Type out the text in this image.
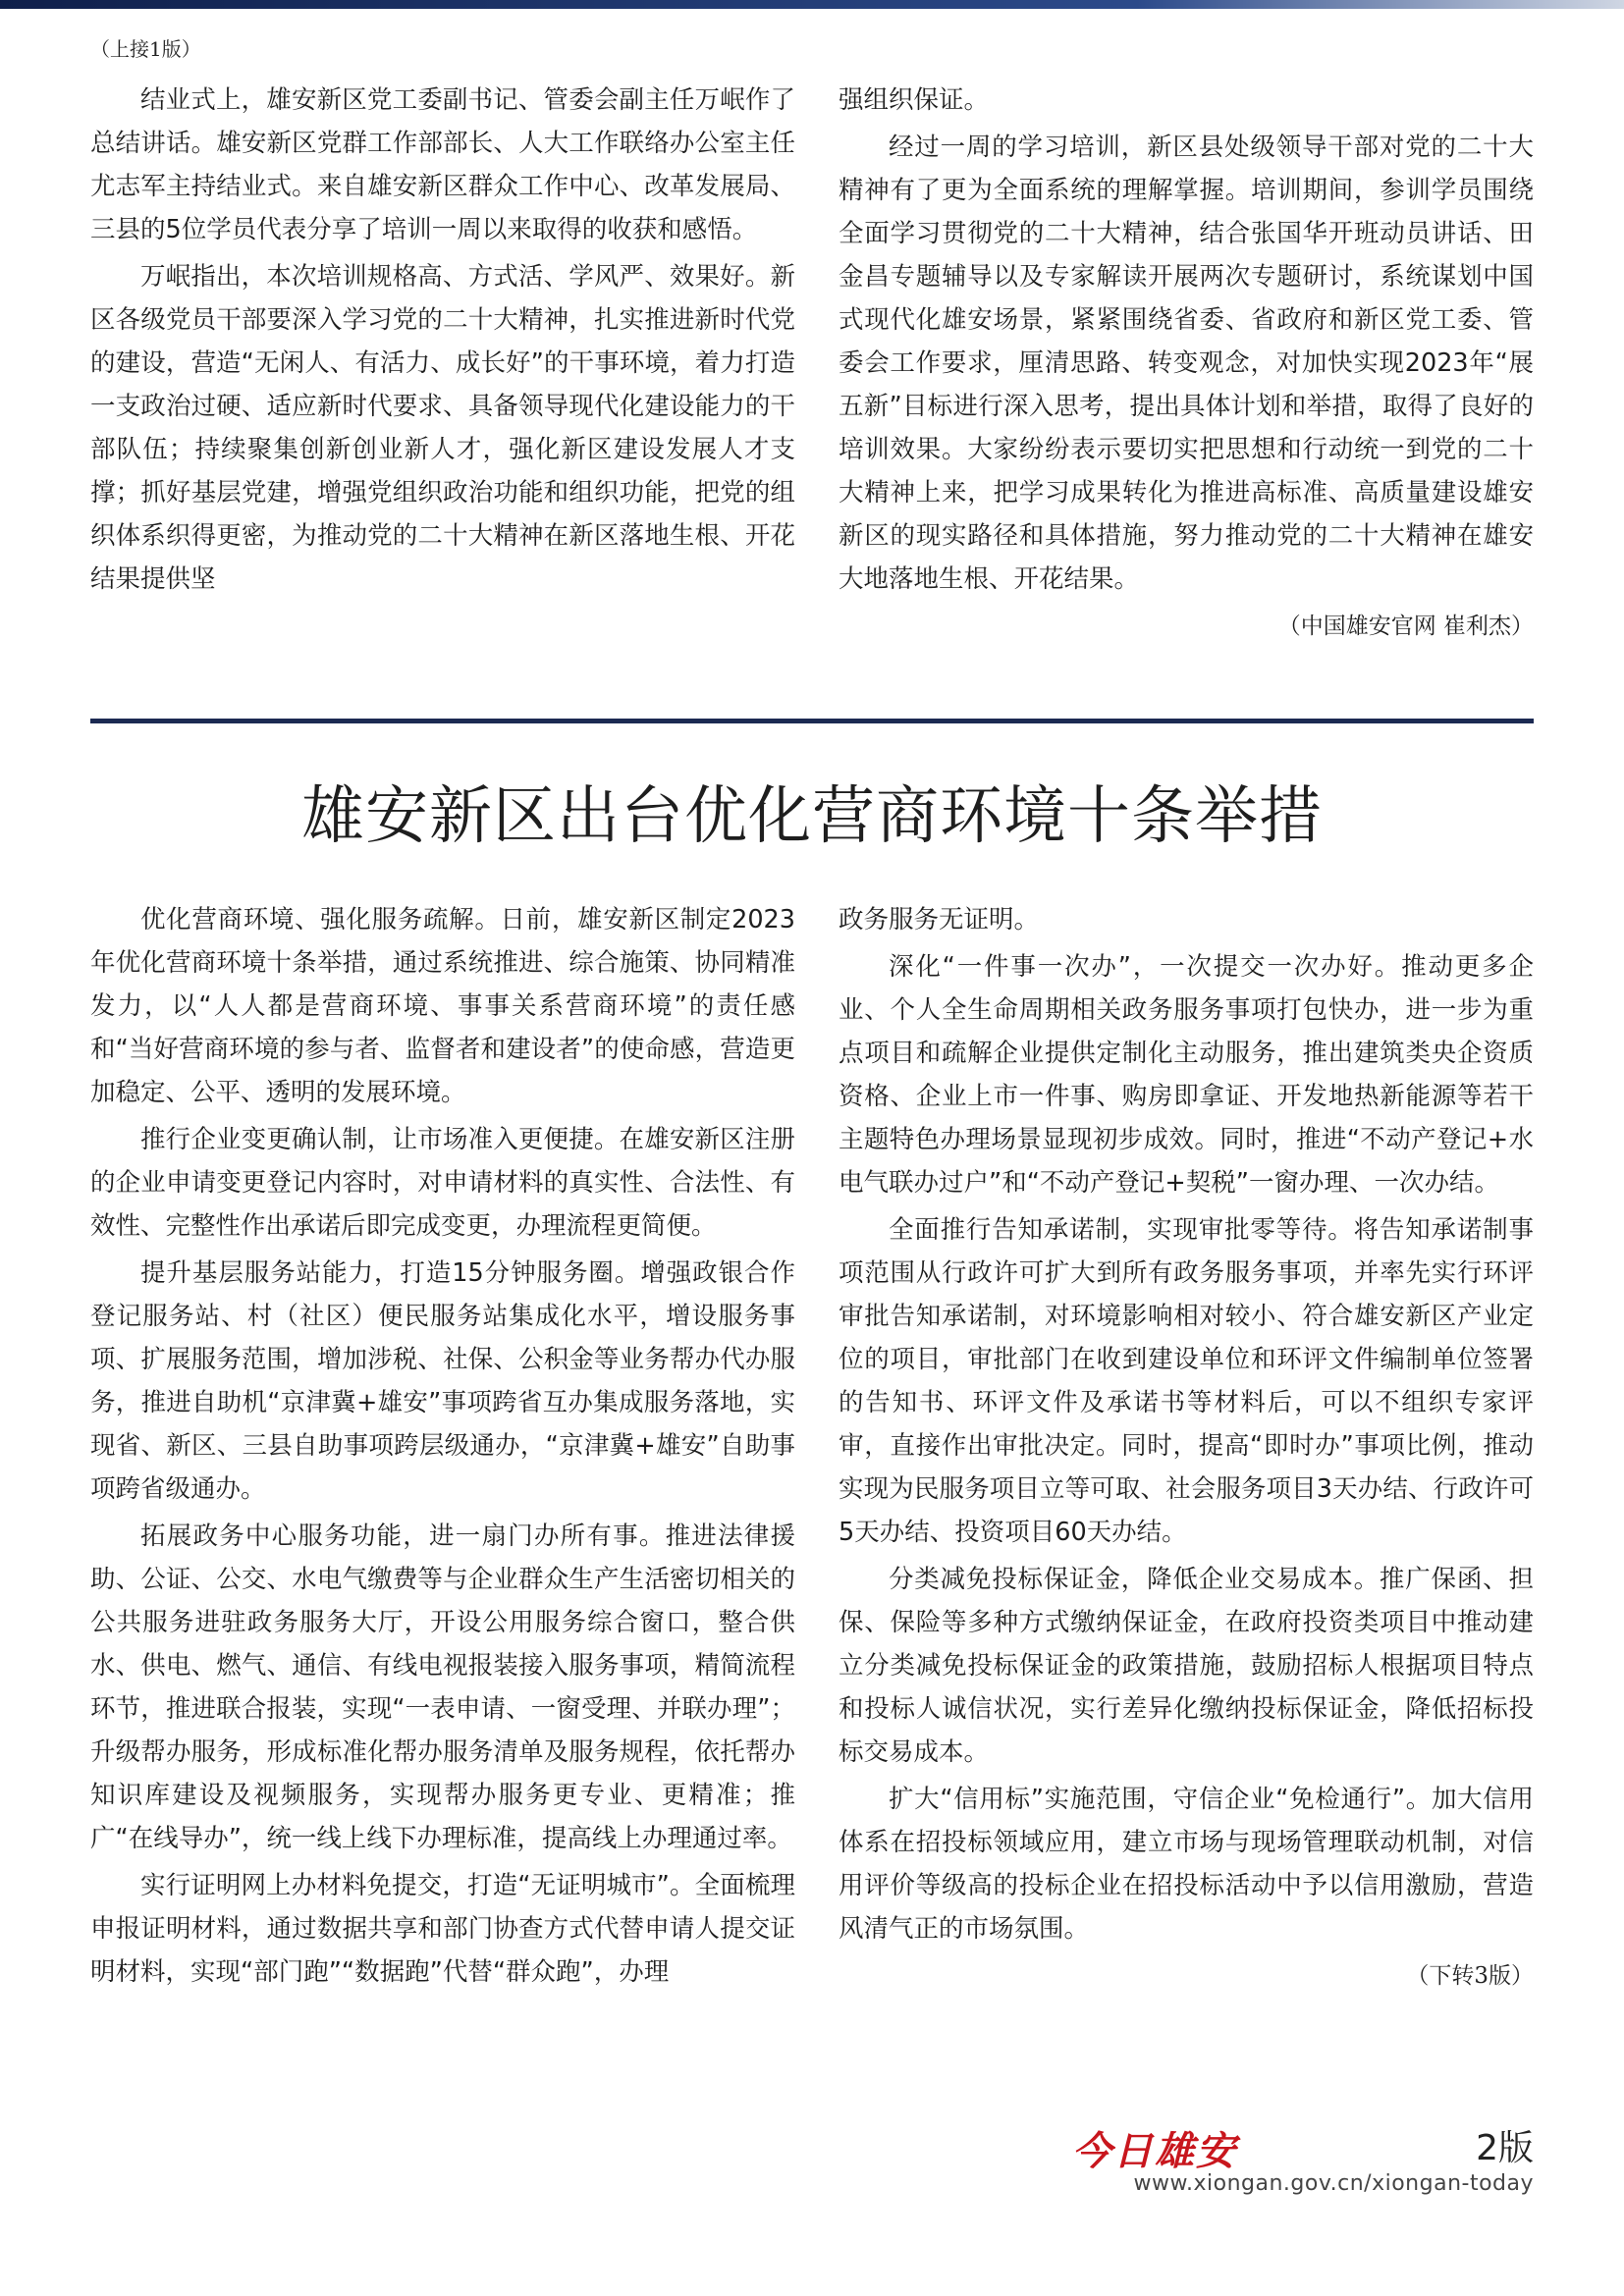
（上接1版）

结业式上，雄安新区党工委副书记、管委会副主任万岷作了总结讲话。雄安新区党群工作部部长、人大工作联络办公室主任尤志军主持结业式。来自雄安新区群众工作中心、改革发展局、三县的5位学员代表分享了培训一周以来取得的收获和感悟。

万岷指出，本次培训规格高、方式活、学风严、效果好。新区各级党员干部要深入学习党的二十大精神，扎实推进新时代党的建设，营造“无闲人、有活力、成长好”的干事环境，着力打造一支政治过硬、适应新时代要求、具备领导现代化建设能力的干部队伍；持续聚集创新创业新人才，强化新区建设发展人才支撑；抓好基层党建，增强党组织政治功能和组织功能，把党的组织体系织得更密，为推动党的二十大精神在新区落地生根、开花结果提供坚

强组织保证。

经过一周的学习培训，新区县处级领导干部对党的二十大精神有了更为全面系统的理解掌握。培训期间，参训学员围绕全面学习贯彻党的二十大精神，结合张国华开班动员讲话、田金昌专题辅导以及专家解读开展两次专题研讨，系统谋划中国式现代化雄安场景，紧紧围绕省委、省政府和新区党工委、管委会工作要求，厘清思路、转变观念，对加快实现2023年“展五新”目标进行深入思考，提出具体计划和举措，取得了良好的培训效果。大家纷纷表示要切实把思想和行动统一到党的二十大精神上来，把学习成果转化为推进高标准、高质量建设雄安新区的现实路径和具体措施，努力推动党的二十大精神在雄安大地落地生根、开花结果。

（中国雄安官网 崔利杰）
雄安新区出台优化营商环境十条举措

优化营商环境、强化服务疏解。日前，雄安新区制定2023年优化营商环境十条举措，通过系统推进、综合施策、协同精准发力，以“人人都是营商环境、事事关系营商环境”的责任感和“当好营商环境的参与者、监督者和建设者”的使命感，营造更加稳定、公平、透明的发展环境。

推行企业变更确认制，让市场准入更便捷。在雄安新区注册的企业申请变更登记内容时，对申请材料的真实性、合法性、有效性、完整性作出承诺后即完成变更，办理流程更简便。

提升基层服务站能力，打造15分钟服务圈。增强政银合作登记服务站、村（社区）便民服务站集成化水平，增设服务事项、扩展服务范围，增加涉税、社保、公积金等业务帮办代办服务，推进自助机“京津冀+雄安”事项跨省互办集成服务落地，实现省、新区、三县自助事项跨层级通办，“京津冀+雄安”自助事项跨省级通办。

拓展政务中心服务功能，进一扇门办所有事。推进法律援助、公证、公交、水电气缴费等与企业群众生产生活密切相关的公共服务进驻政务服务大厅，开设公用服务综合窗口，整合供水、供电、燃气、通信、有线电视报装接入服务事项，精简流程环节，推进联合报装，实现“一表申请、一窗受理、并联办理”；升级帮办服务，形成标准化帮办服务清单及服务规程，依托帮办知识库建设及视频服务，实现帮办服务更专业、更精准；推广“在线导办”，统一线上线下办理标准，提高线上办理通过率。

实行证明网上办材料免提交，打造“无证明城市”。全面梳理申报证明材料，通过数据共享和部门协查方式代替申请人提交证明材料，实现“部门跑”“数据跑”代替“群众跑”，办理

政务服务无证明。

深化“一件事一次办”，一次提交一次办好。推动更多企业、个人全生命周期相关政务服务事项打包快办，进一步为重点项目和疏解企业提供定制化主动服务，推出建筑类央企资质资格、企业上市一件事、购房即拿证、开发地热新能源等若干主题特色办理场景显现初步成效。同时，推进“不动产登记+水电气联办过户”和“不动产登记+契税”一窗办理、一次办结。

全面推行告知承诺制，实现审批零等待。将告知承诺制事项范围从行政许可扩大到所有政务服务事项，并率先实行环评审批告知承诺制，对环境影响相对较小、符合雄安新区产业定位的项目，审批部门在收到建设单位和环评文件编制单位签署的告知书、环评文件及承诺书等材料后，可以不组织专家评审，直接作出审批决定。同时，提高“即时办”事项比例，推动实现为民服务项目立等可取、社会服务项目3天办结、行政许可5天办结、投资项目60天办结。

分类减免投标保证金，降低企业交易成本。推广保函、担保、保险等多种方式缴纳保证金，在政府投资类项目中推动建立分类减免投标保证金的政策措施，鼓励招标人根据项目特点和投标人诚信状况，实行差异化缴纳投标保证金，降低招标投标交易成本。

扩大“信用标”实施范围，守信企业“免检通行”。加大信用体系在招投标领域应用，建立市场与现场管理联动机制，对信用评价等级高的投标企业在招投标活动中予以信用激励，营造风清气正的市场氛围。

（下转3版）
今日雄安	2版
www.xiongan.gov.cn/xiongan-today
